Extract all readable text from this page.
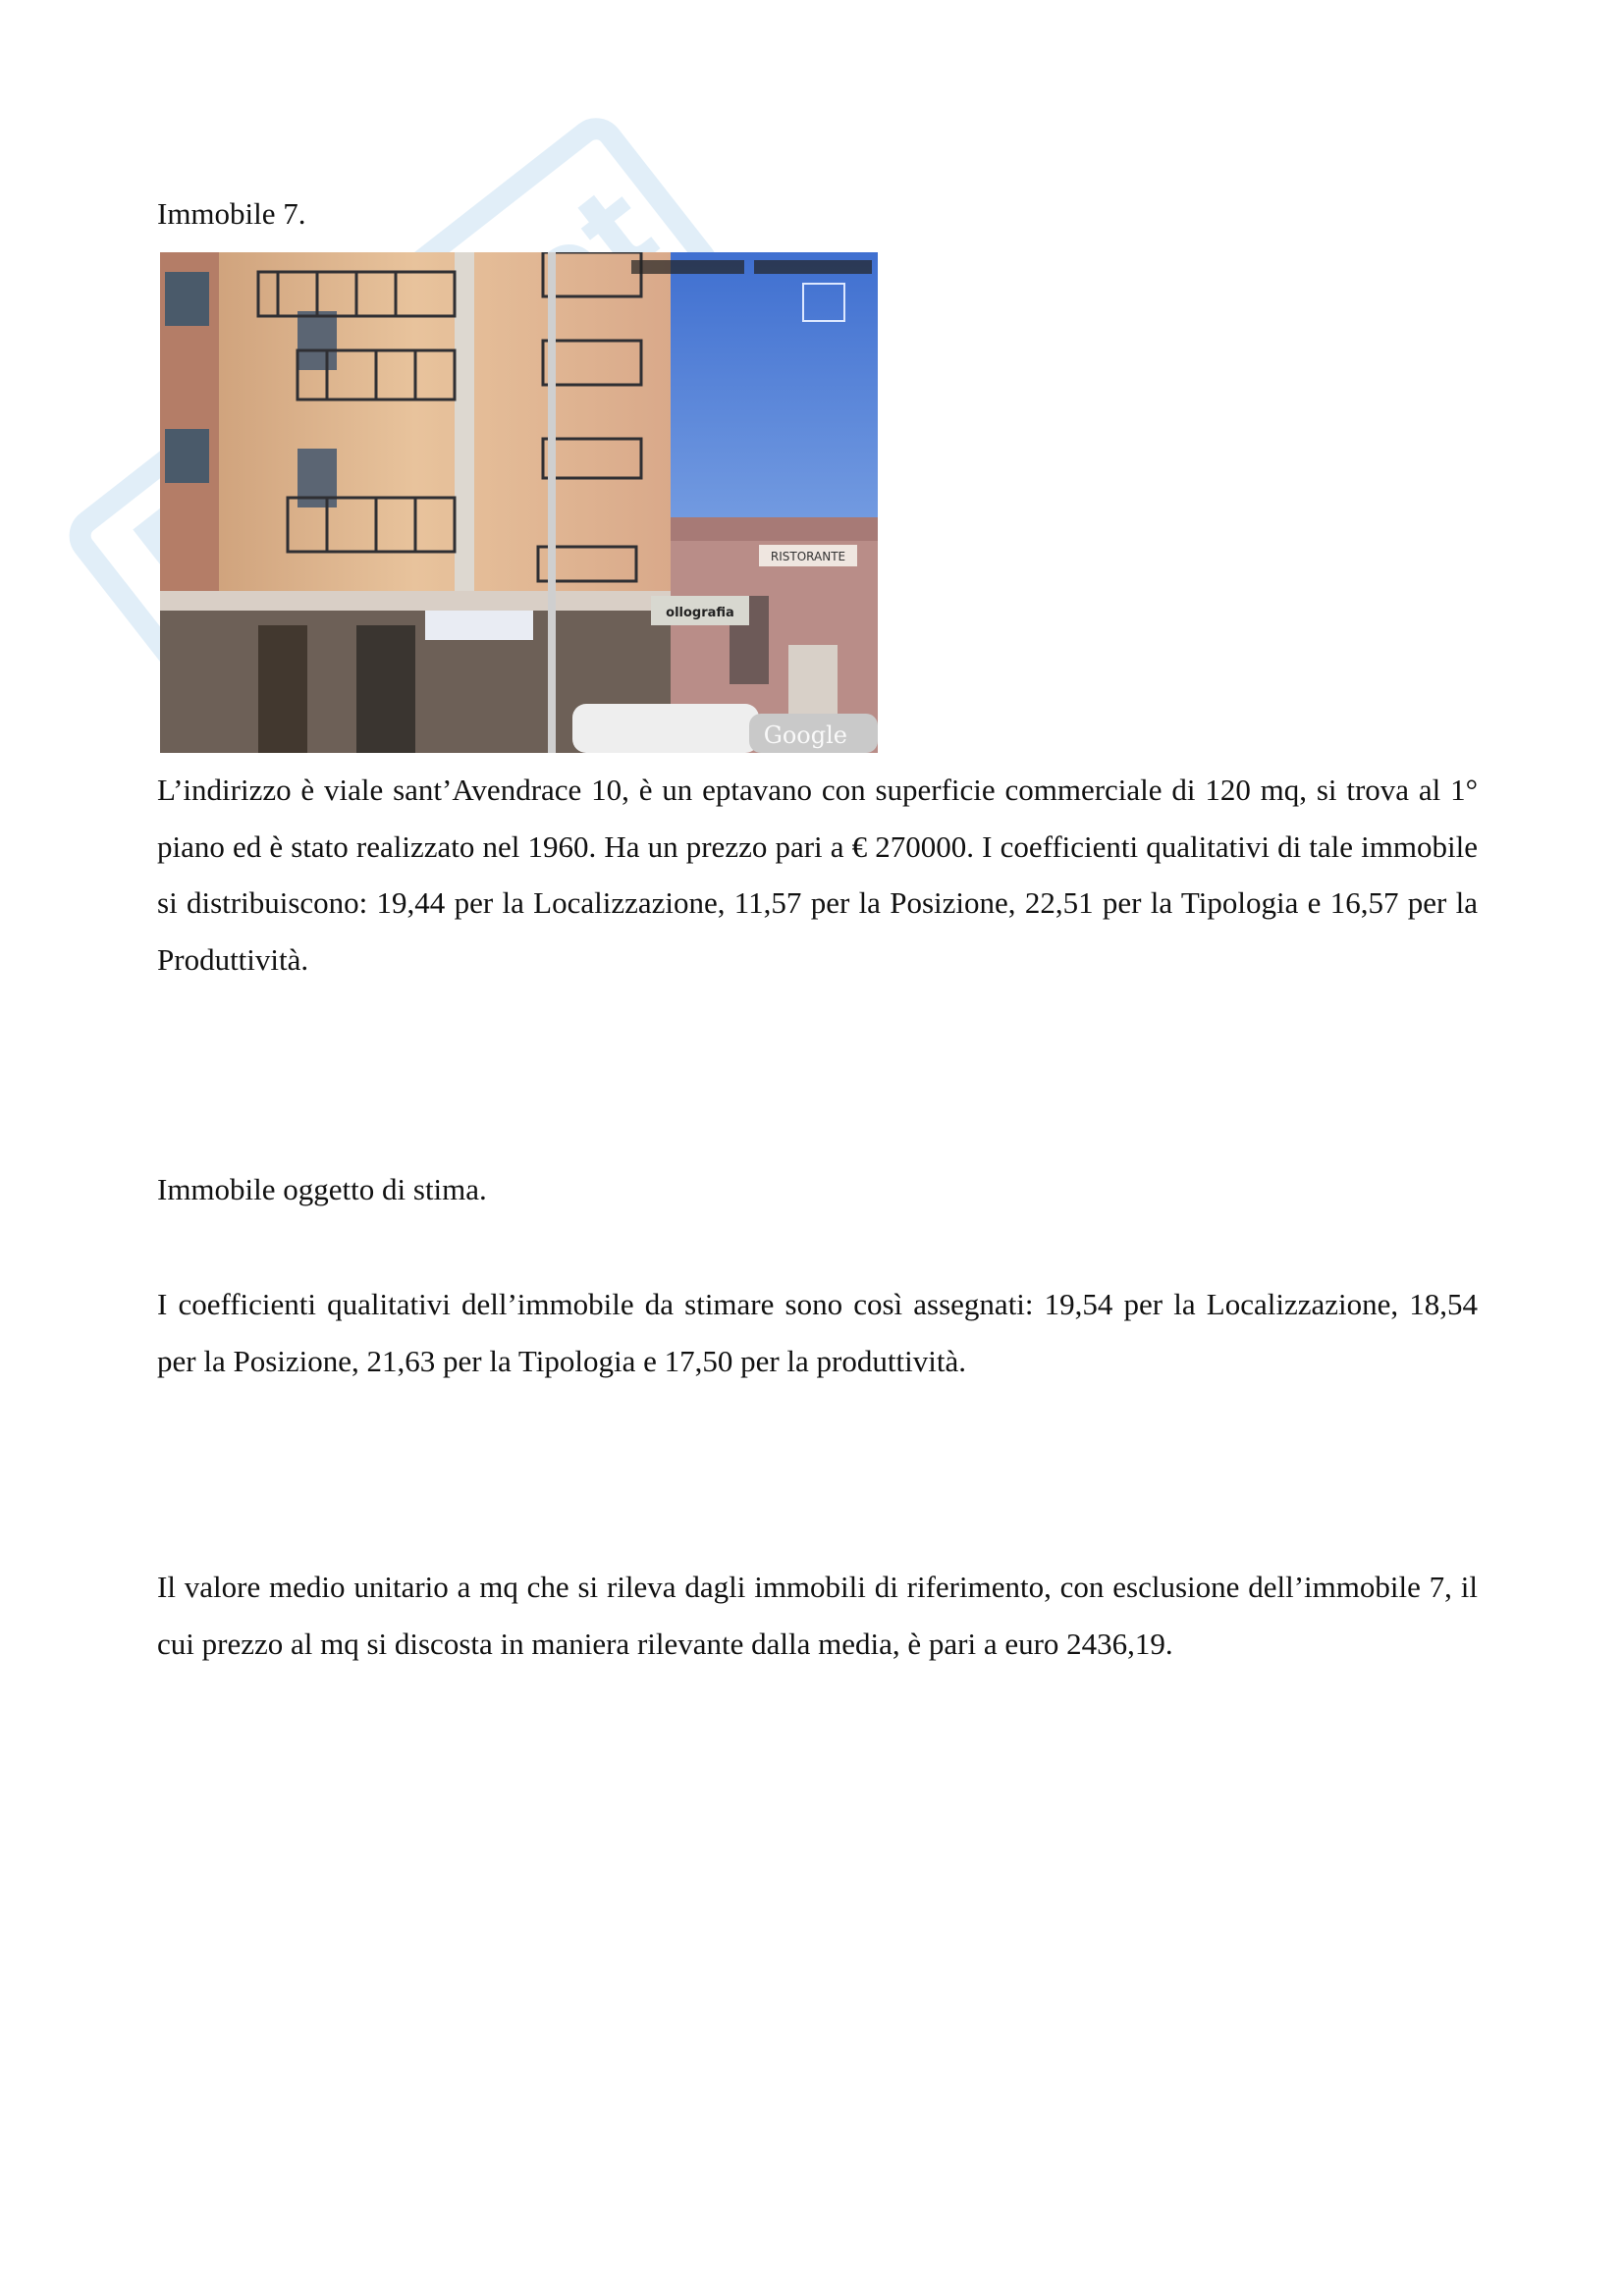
Immobile 7.
RISTORANTE
ollografia
Google

L’indirizzo è viale sant’Avendrace 10, è un eptavano con superficie commerciale di 120 mq, si trova al 1° piano ed è stato realizzato nel 1960. Ha un prezzo pari a € 270000. I coefficienti qualitativi di tale immobile si distribuiscono: 19,44 per la Localizzazione, 11,57 per la Posizione, 22,51 per la Tipologia e 16,57 per la Produttività.

Immobile oggetto di stima.

I coefficienti qualitativi dell’immobile da stimare sono così assegnati: 19,54 per la Localizzazione, 18,54 per la Posizione, 21,63 per la Tipologia e 17,50 per la produttività.

Il valore medio unitario a mq che si rileva dagli immobili di riferimento, con esclusione dell’immobile 7, il cui prezzo al mq si discosta in maniera rilevante dalla media, è pari a euro 2436,19.
